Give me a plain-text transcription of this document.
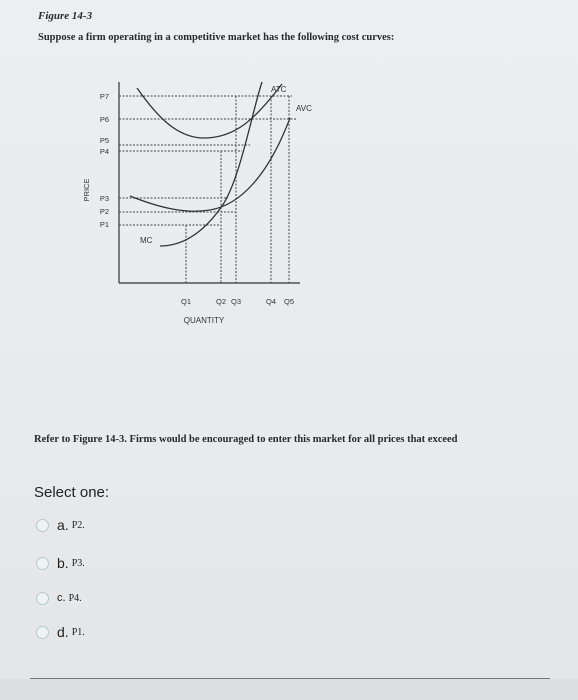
Figure 14-3
Suppose a firm operating in a competitive market has the following cost curves:
ATC
AVC
MC
P7
P6
P5
P4
P3
P2
P1
PRICE
Q1	Q2 Q3	Q4 Q5
QUANTITY
Refer to Figure 14-3. Firms would be encouraged to enter this market for all prices that exceed
Select one:
a. P2.
b. P3.
c. P4.
d. P1.
